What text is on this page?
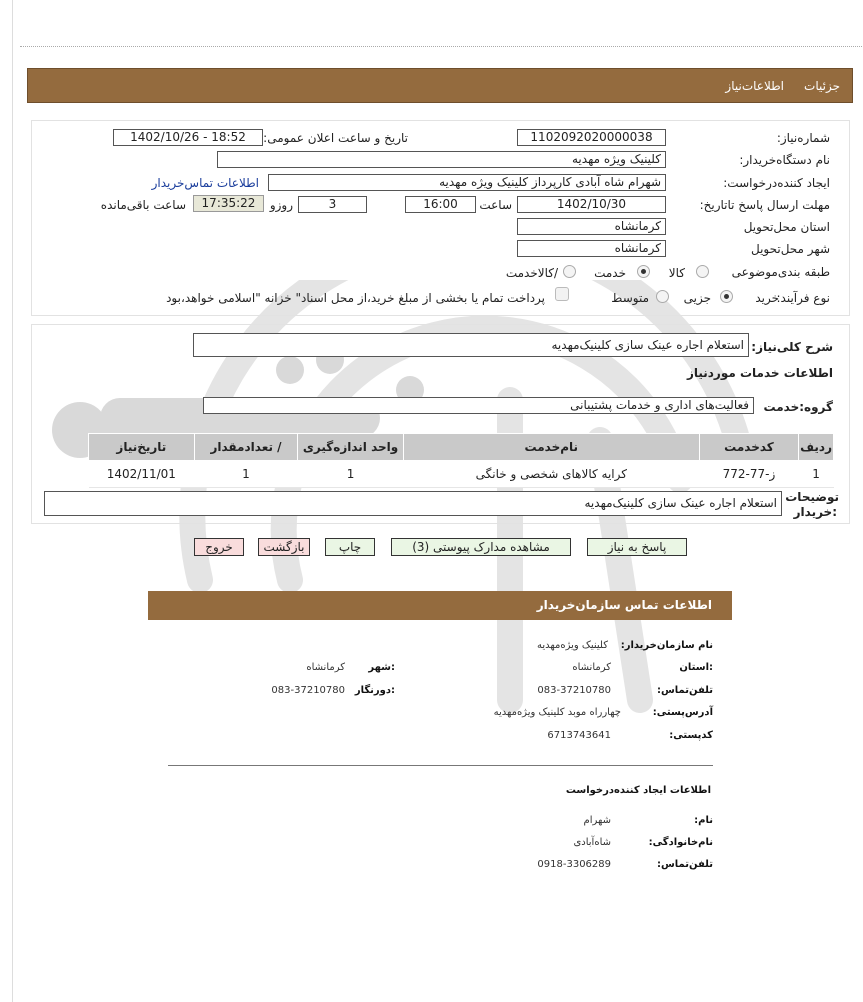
جزئیات
اطلاعات‌نیاز
شماره‌نیاز:
1102092020000038
تاریخ و ساعت اعلان عمومی:
1402/10/26 - 18:52
نام دستگاه‌خریدار:
کلینیک ویژه مهدیه
ایجاد کننده‌درخواست:
شهرام شاه آبادی کارپرداز کلینیک ویژه مهدیه
اطلاعات تماس‌خریدار
مهلت ارسال پاسخ تا‌تاریخ:
1402/10/30
ساعت
16:00
3
روزو
17:35:22
ساعت باقی‌مانده
استان محل‌تحویل
کرمانشاه
شهر محل‌تحویل
کرمانشاه
طبقه بندی‌موضوعی
کالا
خدمت
/کالاخدمت
نوع فرآیند:
خرید
جزیی
متوسط
پرداخت تمام یا بخشی از مبلغ خرید،از محل اسناد" خزانه "اسلامی خواهد،بود
شرح کلی‌نیاز:
استعلام اجاره عینک سازی کلینیک‌مهدیه
اطلاعات خدمات موردنیاز
گروه:خدمت
فعالیت‌های اداری و خدمات پشتیبانی
ردیف	کدخدمت	نام‌خدمت	واحد اندازه‌گیری	/ تعدادمقدار	تاریخ‌نیاز
1	ز-77-772	کرایه کالاهای شخصی و خانگی	1	1	1402/11/01
توضیحات
:خریدار
استعلام اجاره عینک سازی کلینیک‌مهدیه
پاسخ به نیاز
مشاهده مدارک پیوستی (3)
چاپ
بازگشت
خروج
اطلاعات تماس سازمان‌خریدار
نام سازمان‌خریدار:
کلینیک ویژه‌مهدیه
:استان
کرمانشاه
:شهر
کرمانشاه
تلفن‌تماس:
083-37210780
:دورنگار
083-37210780
آدرس‌پستی:
چهارراه موبد کلینیک ویژه‌مهدیه
کد‌پستی:
6713743641
اطلاعات ایجاد کننده‌درخواست
نام:
شهرام
نام‌خانوادگی:
شاه‌آبادی
تلفن‌تماس:
0918-3306289
